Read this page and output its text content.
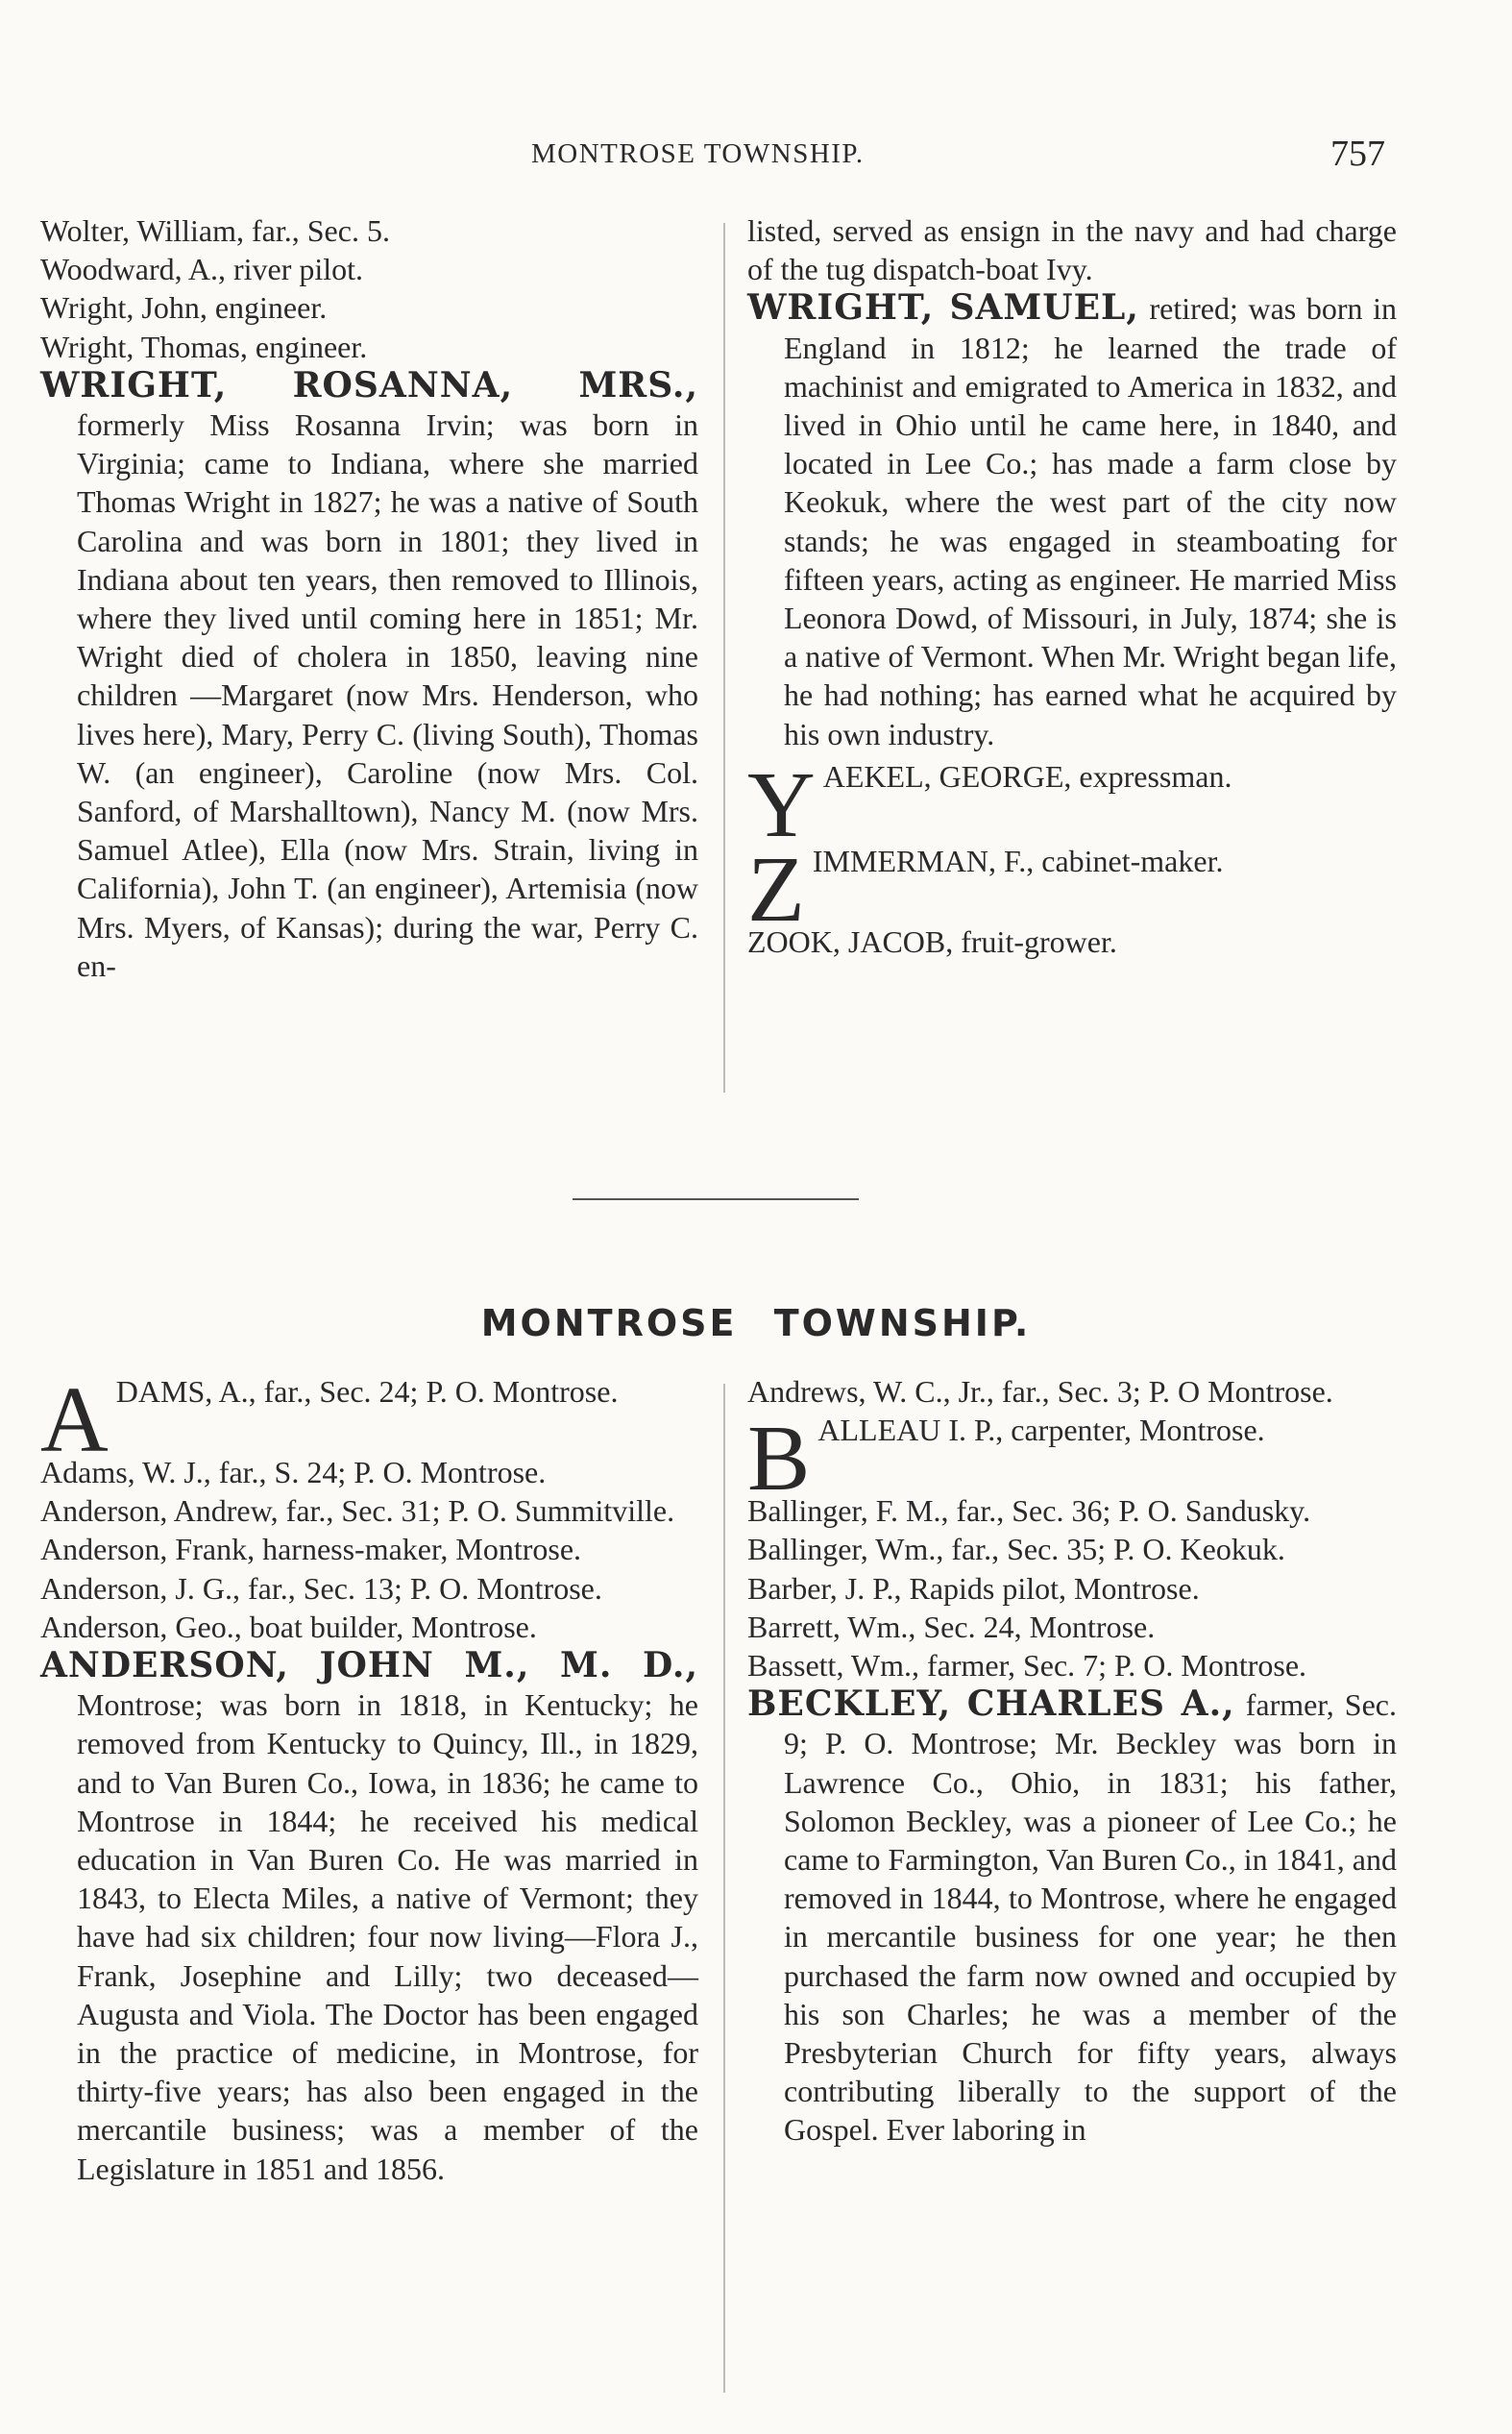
MONTROSE TOWNSHIP.	757

Wolter, William, far., Sec. 5.

Woodward, A., river pilot.

Wright, John, engineer.

Wright, Thomas, engineer.

WRIGHT, ROSANNA, MRS., formerly Miss Rosanna Irvin; was born in Virginia; came to Indiana, where she married Thomas Wright in 1827; he was a native of South Carolina and was born in 1801; they lived in Indiana about ten years, then removed to Illinois, where they lived until coming here in 1851; Mr. Wright died of cholera in 1850, leaving nine children —Margaret (now Mrs. Henderson, who lives here), Mary, Perry C. (living South), Thomas W. (an engineer), Caroline (now Mrs. Col. Sanford, of Marshalltown), Nancy M. (now Mrs. Samuel Atlee), Ella (now Mrs. Strain, living in California), John T. (an engineer), Artemisia (now Mrs. Myers, of Kansas); during the war, Perry C. en-

listed, served as ensign in the navy and had charge of the tug dispatch-boat Ivy.

WRIGHT, SAMUEL, retired; was born in England in 1812; he learned the trade of machinist and emigrated to America in 1832, and lived in Ohio until he came here, in 1840, and located in Lee Co.; has made a farm close by Keokuk, where the west part of the city now stands; he was engaged in steamboating for fifteen years, acting as engineer. He married Miss Leonora Dowd, of Missouri, in July, 1874; she is a native of Vermont. When Mr. Wright began life, he had nothing; has earned what he acquired by his own industry.

YAEKEL, GEORGE, expressman.

ZIMMERMAN, F., cabinet-maker.

ZOOK, JACOB, fruit-grower.

MONTROSE TOWNSHIP.

ADAMS, A., far., Sec. 24; P. O. Montrose.

Adams, W. J., far., S. 24; P. O. Montrose.

Anderson, Andrew, far., Sec. 31; P. O. Summitville.

Anderson, Frank, harness-maker, Montrose.

Anderson, J. G., far., Sec. 13; P. O. Montrose.

Anderson, Geo., boat builder, Montrose.

ANDERSON, JOHN M., M. D., Montrose; was born in 1818, in Kentucky; he removed from Kentucky to Quincy, Ill., in 1829, and to Van Buren Co., Iowa, in 1836; he came to Montrose in 1844; he received his medical education in Van Buren Co. He was married in 1843, to Electa Miles, a native of Vermont; they have had six children; four now living—Flora J., Frank, Josephine and Lilly; two deceased—Augusta and Viola. The Doctor has been engaged in the practice of medicine, in Montrose, for thirty-five years; has also been engaged in the mercantile business; was a member of the Legislature in 1851 and 1856.

Andrews, W. C., Jr., far., Sec. 3; P. O Montrose.

BALLEAU I. P., carpenter, Montrose.

Ballinger, F. M., far., Sec. 36; P. O. Sandusky.

Ballinger, Wm., far., Sec. 35; P. O. Keokuk.

Barber, J. P., Rapids pilot, Montrose.

Barrett, Wm., Sec. 24, Montrose.

Bassett, Wm., farmer, Sec. 7; P. O. Montrose.

BECKLEY, CHARLES A., farmer, Sec. 9; P. O. Montrose; Mr. Beckley was born in Lawrence Co., Ohio, in 1831; his father, Solomon Beckley, was a pioneer of Lee Co.; he came to Farmington, Van Buren Co., in 1841, and removed in 1844, to Montrose, where he engaged in mercantile business for one year; he then purchased the farm now owned and occupied by his son Charles; he was a member of the Presbyterian Church for fifty years, always contributing liberally to the support of the Gospel. Ever laboring in
